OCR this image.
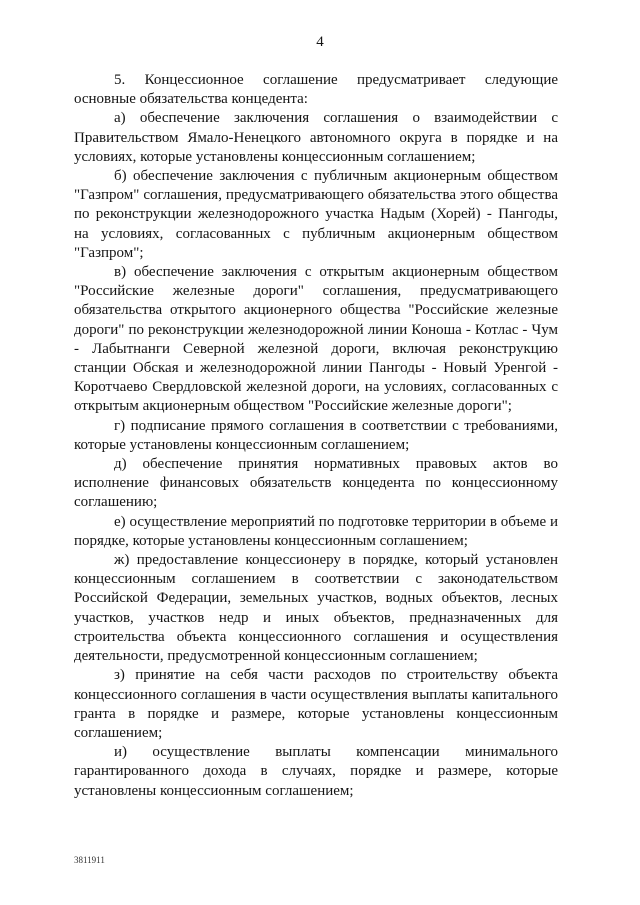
4

5. Концессионное соглашение предусматривает следующие основные обязательства концедента:

а) обеспечение заключения соглашения о взаимодействии с Правительством Ямало-Ненецкого автономного округа в порядке и на условиях, которые установлены концессионным соглашением;

б) обеспечение заключения с публичным акционерным обществом "Газпром" соглашения, предусматривающего обязательства этого общества по реконструкции железнодорожного участка Надым (Хорей) - Пангоды, на условиях, согласованных с публичным акционерным обществом "Газпром";

в) обеспечение заключения с открытым акционерным обществом "Российские железные дороги" соглашения, предусматривающего обязательства открытого акционерного общества "Российские железные дороги" по реконструкции железнодорожной линии Коноша - Котлас - Чум - Лабытнанги Северной железной дороги, включая реконструкцию станции Обская и железнодорожной линии Пангоды - Новый Уренгой - Коротчаево Свердловской железной дороги, на условиях, согласованных с открытым акционерным обществом "Российские железные дороги";

г) подписание прямого соглашения в соответствии с требованиями, которые установлены концессионным соглашением;

д) обеспечение принятия нормативных правовых актов во исполнение финансовых обязательств концедента по концессионному соглашению;

е) осуществление мероприятий по подготовке территории в объеме и порядке, которые установлены концессионным соглашением;

ж) предоставление концессионеру в порядке, который установлен концессионным соглашением в соответствии с законодательством Российской Федерации, земельных участков, водных объектов, лесных участков, участков недр и иных объектов, предназначенных для строительства объекта концессионного соглашения и осуществления деятельности, предусмотренной концессионным соглашением;

з) принятие на себя части расходов по строительству объекта концессионного соглашения в части осуществления выплаты капитального гранта в порядке и размере, которые установлены концессионным соглашением;

и) осуществление выплаты компенсации минимального гарантированного дохода в случаях, порядке и размере, которые установлены концессионным соглашением;

3811911
